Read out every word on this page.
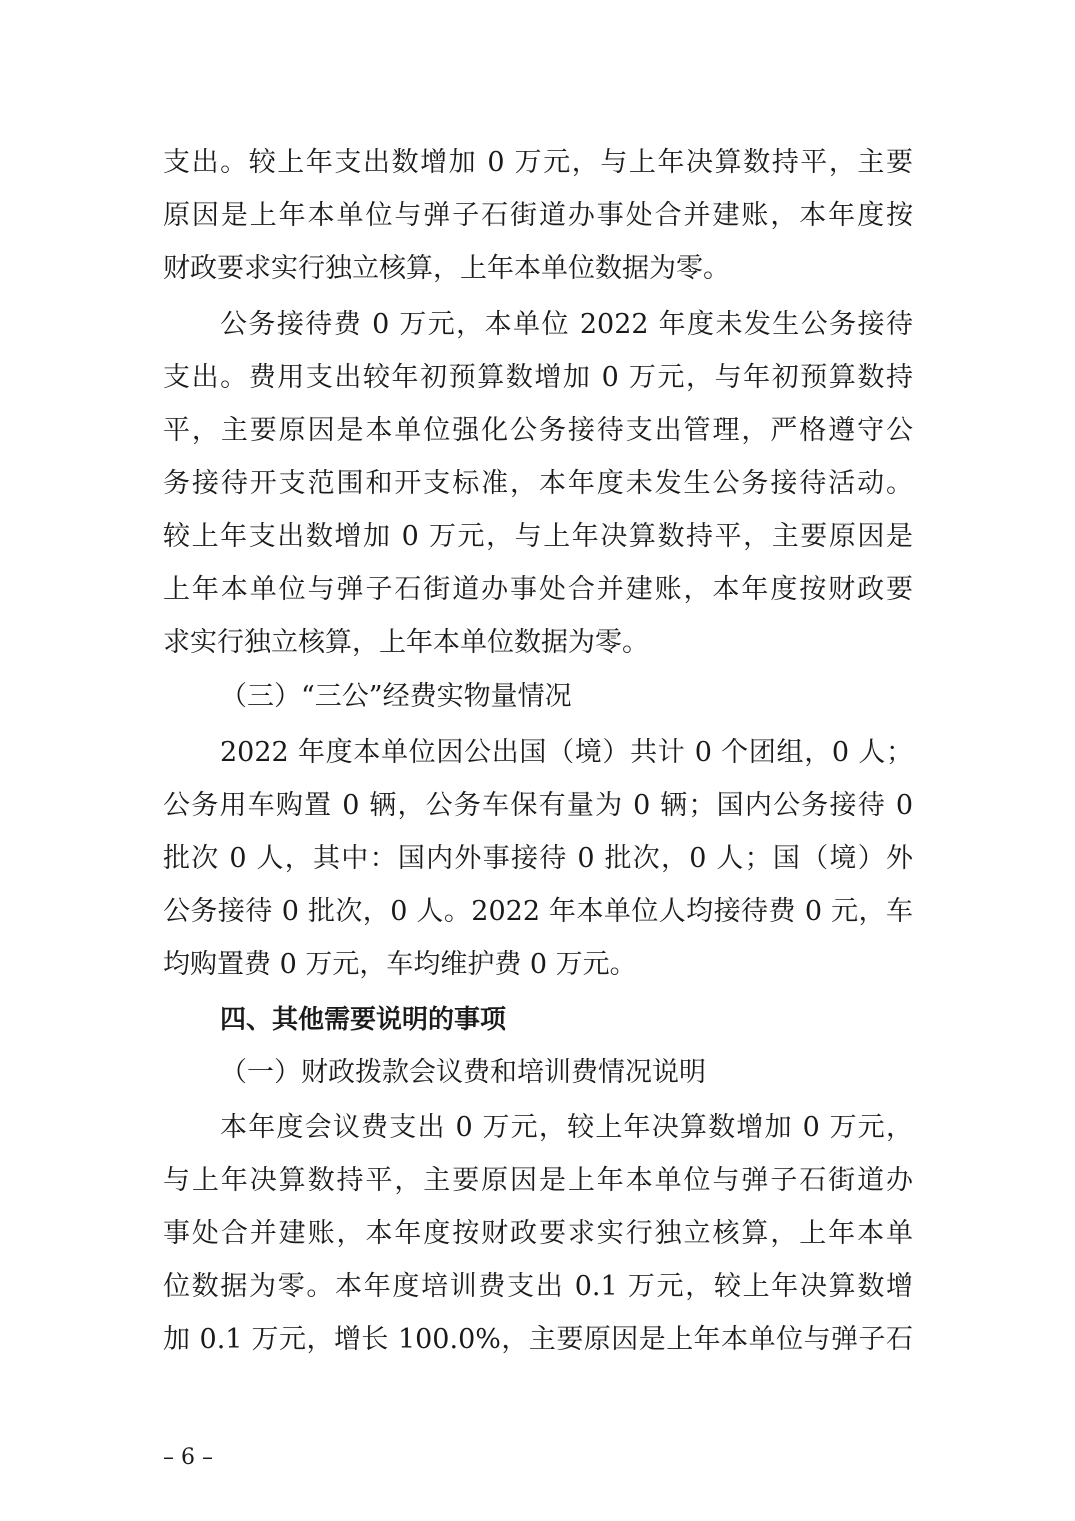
支出。较上年支出数增加 0 万元，与上年决算数持平，主要
原因是上年本单位与弹子石街道办事处合并建账，本年度按
财政要求实行独立核算，上年本单位数据为零。
公务接待费 0 万元，本单位 2022 年度未发生公务接待
支出。费用支出较年初预算数增加 0 万元，与年初预算数持
平，主要原因是本单位强化公务接待支出管理，严格遵守公
务接待开支范围和开支标准，本年度未发生公务接待活动。
较上年支出数增加 0 万元，与上年决算数持平，主要原因是
上年本单位与弹子石街道办事处合并建账，本年度按财政要
求实行独立核算，上年本单位数据为零。
（三）“三公”经费实物量情况
2022 年度本单位因公出国（境）共计 0 个团组，0 人；
公务用车购置 0 辆，公务车保有量为 0 辆；国内公务接待 0
批次 0 人，其中：国内外事接待 0 批次，0 人；国（境）外
公务接待 0 批次，0 人。2022 年本单位人均接待费 0 元，车
均购置费 0 万元，车均维护费 0 万元。
四、其他需要说明的事项
（一）财政拨款会议费和培训费情况说明
本年度会议费支出 0 万元，较上年决算数增加 0 万元，
与上年决算数持平，主要原因是上年本单位与弹子石街道办
事处合并建账，本年度按财政要求实行独立核算，上年本单
位数据为零。本年度培训费支出 0.1 万元，较上年决算数增
加 0.1 万元，增长 100.0%，主要原因是上年本单位与弹子石
– 6 –
